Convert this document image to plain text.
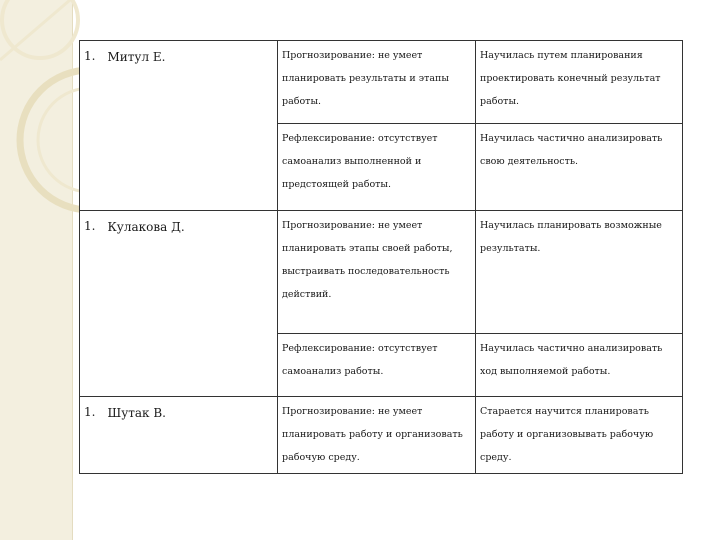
1.	Митул Е.	Прогнозирование: не умеет
планировать результаты и этапы
работы.	Научилась путем планирования
проектировать конечный результат
работы.

		Рефлексирование: отсутствует
самоанализ выполненной и
предстоящей работы.	Научилась частично анализировать
свою деятельность.

1.	Кулакова Д.	Прогнозирование: не умеет
планировать этапы своей работы,
выстраивать последовательность
действий.	Научилась планировать возможные
результаты.

		Рефлексирование: отсутствует
самоанализ работы.	Научилась частично анализировать
ход выполняемой работы.

1.	Шутак В.	Прогнозирование: не умеет
планировать работу и организовать
рабочую среду.	Старается научится планировать
работу и организовывать рабочую
среду.
